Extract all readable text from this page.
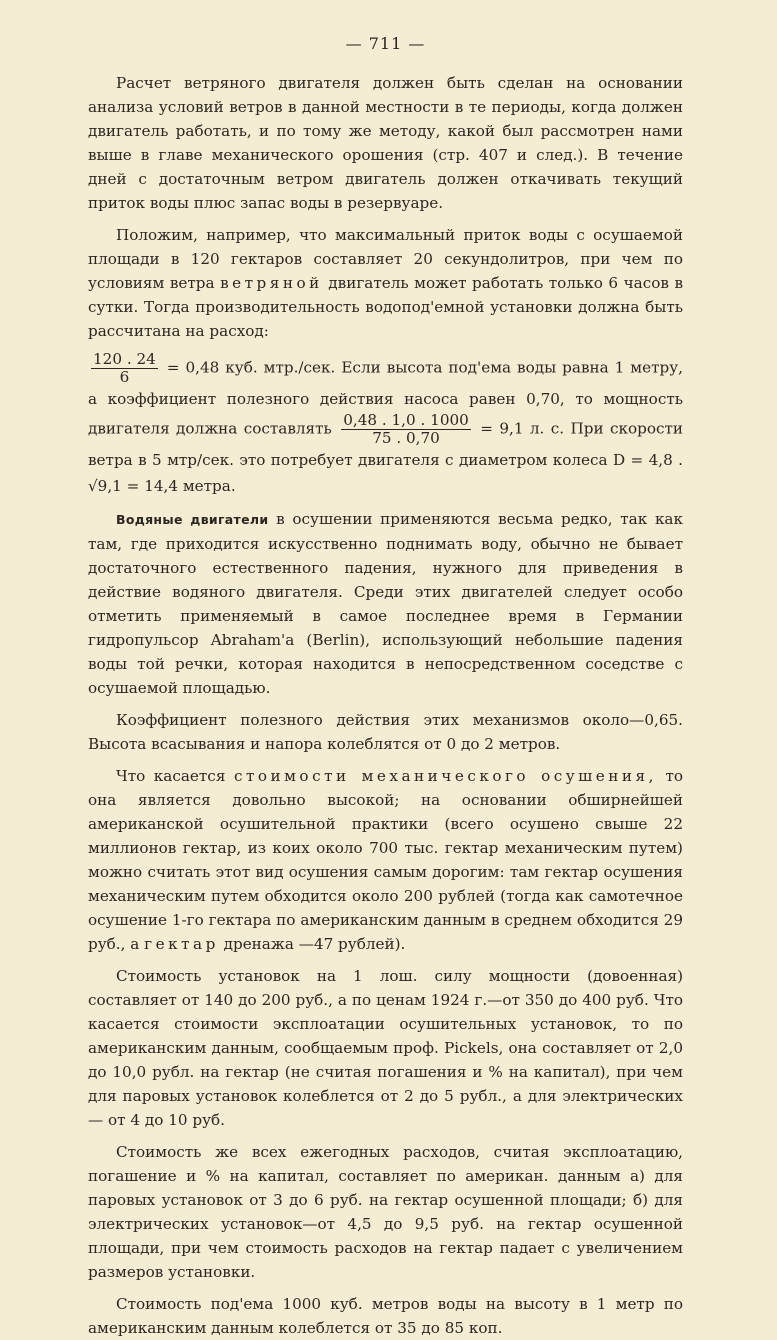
— 711 —

Расчет ветряного двигателя должен быть сделан на основании анализа условий ветров в данной местности в те периоды, когда должен двигатель работать, и по тому же методу, какой был рассмотрен нами выше в главе механического орошения (стр. 407 и след.). В течение дней с достаточным ветром двигатель должен откачивать текущий приток воды плюс запас воды в резервуаре.

Положим, например, что максимальный приток воды с осушаемой площади в 120 гектаров составляет 20 секундолитров, при чем по условиям ветра ветряной двигатель может работать только 6 часов в сутки. Тогда производительность водопод'емной установки должна быть рассчитана на расход:

$\frac{120 . 24}{6} = 0,48$ куб. мтр./сек. Если высота под'ема воды равна 1 метру, а коэффициент полезного действия насоса равен 0,70, то мощность двигателя должна составлять $\frac{0,48 . 1,0 . 1000}{75 . 0,70} = 9,1$ л. с. При скорости ветра в 5 мтр/сек. это потребует двигателя с диаметром колеса D = 4,8 . √9,1 = 14,4 метра.

Водяные двигатели в осушении применяются весьма редко, так как там, где приходится искусственно поднимать воду, обычно не бывает достаточного естественного падения, нужного для приведения в действие водяного двигателя. Среди этих двигателей следует особо отметить применяемый в самое последнее время в Германии гидропульсор Abraham'а (Berlin), использующий небольшие падения воды той речки, которая находится в непосредственном соседстве с осушаемой площадью.

Коэффициент полезного действия этих механизмов около—0,65. Высота всасывания и напора колеблятся от 0 до 2 метров.

Что касается стоимости механического осушения, то она является довольно высокой; на основании обширнейшей американской осушительной практики (всего осушено свыше 22 миллионов гектар, из коих около 700 тыс. гектар механическим путем) можно считать этот вид осушения самым дорогим: там гектар осушения механическим путем обходится около 200 рублей (тогда как самотечное осушение 1-го гектара по американским данным в среднем обходится 29 руб., а гектар дренажа —47 рублей).

Стоимость установок на 1 лош. силу мощности (довоенная) составляет от 140 до 200 руб., а по ценам 1924 г.—от 350 до 400 руб. Что касается стоимости эксплоатации осушительных установок, то по американским данным, сообщаемым проф. Pickels, она составляет от 2,0 до 10,0 рубл. на гектар (не считая погашения и % на капитал), при чем для паровых установок колеблется от 2 до 5 рубл., а для электрических — от 4 до 10 руб.

Стоимость же всех ежегодных расходов, считая эксплоатацию, погашение и % на капитал, составляет по американ. данным а) для паровых установок от 3 до 6 руб. на гектар осушенной площади; б) для электрических установок—от 4,5 до 9,5 руб. на гектар осушенной площади, при чем стоимость расходов на гектар падает с увеличением размеров установки.

Стоимость под'ема 1000 куб. метров воды на высоту в 1 метр по американским данным колеблется от 35 до 85 коп.
